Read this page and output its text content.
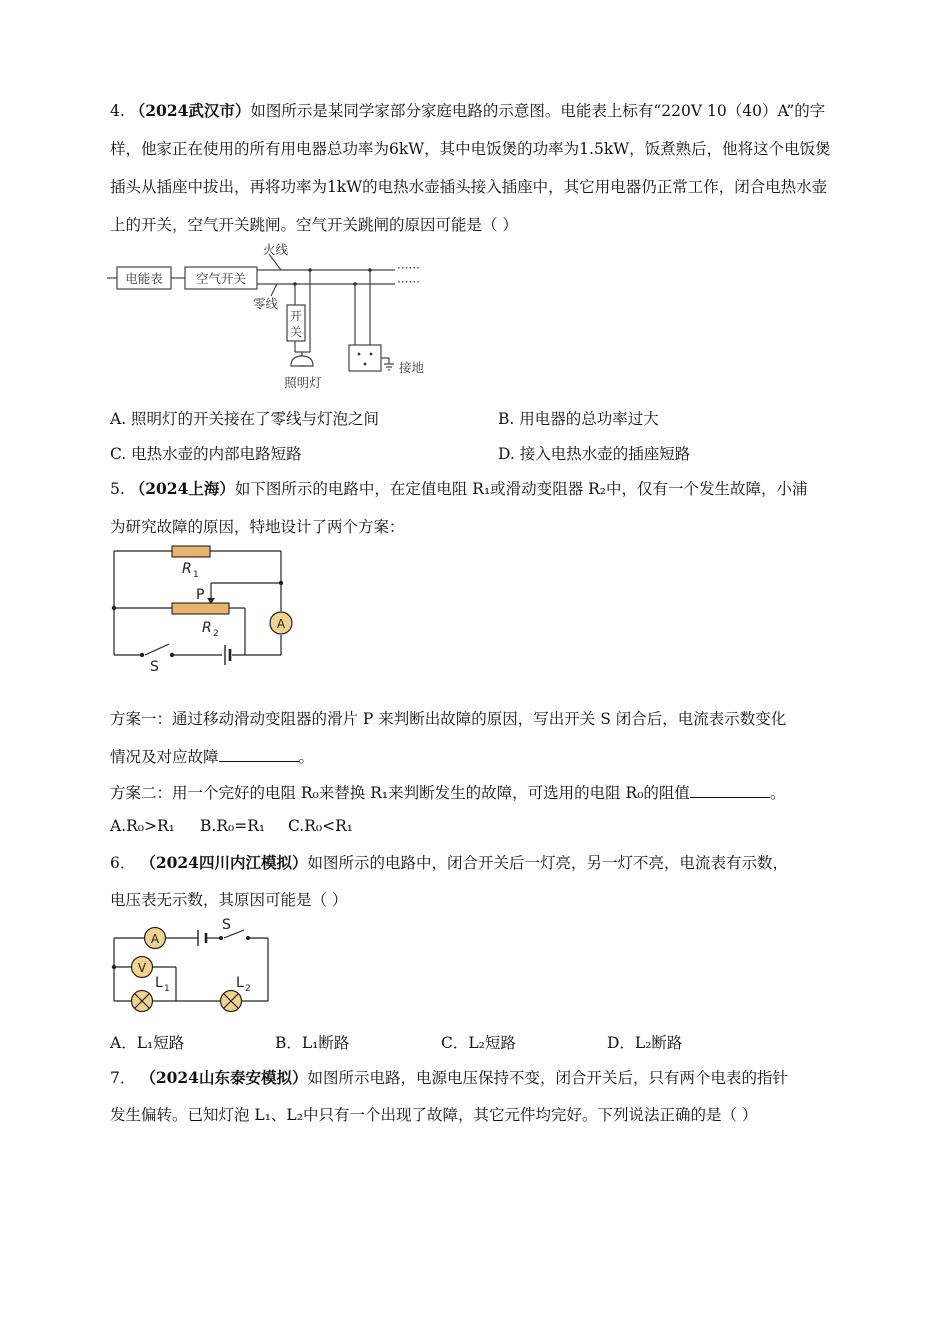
4. （2024武汉市）如图所示是某同学家部分家庭电路的示意图。电能表上标有“220V 10（40）A”的字样，他家正在使用的所有用电器总功率为6kW，其中电饭煲的功率为1.5kW，饭煮熟后，他将这个电饭煲插头从插座中拔出，再将功率为1kW的电热水壶插头接入插座中，其它用电器仍正常工作，闭合电热水壶上的开关，空气开关跳闸。空气开关跳闸的原因可能是（ ）
电能表	空气开关
火线
零线
开
关
照明灯
接地
······
······
A. 照明灯的开关接在了零线与灯泡之间	B. 用电器的总功率过大
C. 电热水壶的内部电路短路	D. 接入电热水壶的插座短路
5. （2024上海）如下图所示的电路中，在定值电阻 R₁或滑动变阻器 R₂中，仅有一个发生故障，小浦
为研究故障的原因，特地设计了两个方案：
A
R 1
P
R 2
S
方案一：通过移动滑动变阻器的滑片 P 来判断出故障的原因，写出开关 S 闭合后，电流表示数变化
情况及对应故障	。
方案二：用一个完好的电阻 R₀来替换 R₁来判断发生的故障，可选用的电阻 R₀的阻值	。
A.R₀>R₁ B.R₀=R₁ C.R₀<R₁
6． （2024四川内江模拟）如图所示的电路中，闭合开关后一灯亮，另一灯不亮，电流表有示数，
电压表无示数，其原因可能是（ ）
A
V
S
L 1	L 2
A．L₁短路	B．L₁断路	C．L₂短路	D．L₂断路
7． （2024山东泰安模拟）如图所示电路，电源电压保持不变，闭合开关后，只有两个电表的指针
发生偏转。已知灯泡 L₁、L₂中只有一个出现了故障，其它元件均完好。下列说法正确的是（ ）
